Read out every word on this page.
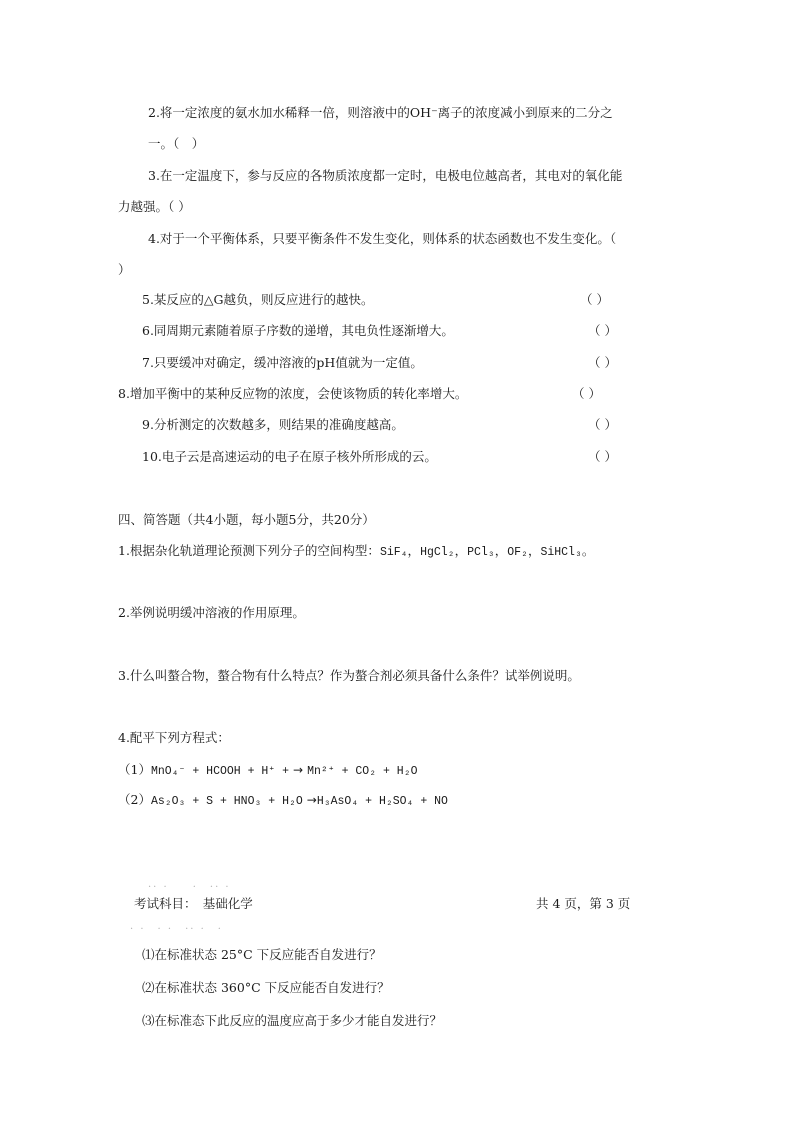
2.将一定浓度的氨水加水稀释一倍，则溶液中的OH⁻离子的浓度减小到原来的二分之
一。（　）
3.在一定温度下，参与反应的各物质浓度都一定时，电极电位越高者，其电对的氧化能
力越强。（ ）
4.对于一个平衡体系，只要平衡条件不发生变化，则体系的状态函数也不发生变化。（
）
5.某反应的△G越负，则反应进行的越快。	（ ）
6.同周期元素随着原子序数的递增，其电负性逐渐增大。	（ ）
7.只要缓冲对确定，缓冲溶液的pH值就为一定值。	（ ）
8.增加平衡中的某种反应物的浓度，会使该物质的转化率增大。	（ ）
9.分析测定的次数越多，则结果的准确度越高。	（ ）
10.电子云是高速运动的电子在原子核外所形成的云。	（ ）
四、简答题（共4小题，每小题5分，共20分）
1.根据杂化轨道理论预测下列分子的空间构型：SiF₄，HgCl₂，PCl₃，OF₂，SiHCl₃。
2.举例说明缓冲溶液的作用原理。
3.什么叫螯合物，螯合物有什么特点？作为螯合剂必须具备什么条件？试举例说明。
4.配平下列方程式：
（1）MnO₄⁻ + HCOOH + H⁺ + → Mn²⁺ + CO₂ + H₂O
（2）As₂O₃ + S + HNO₃ + H₂O →H₃AsO₄ + H₂SO₄ + NO
·· ·　　·　·· ·
考试科目：　 基础化学	共 4 页，第 3 页
· ·　· ·　·· ·　·
⑴在标准状态 25°C 下反应能否自发进行？
⑵在标准状态 360°C 下反应能否自发进行？
⑶在标准态下此反应的温度应高于多少才能自发进行？
